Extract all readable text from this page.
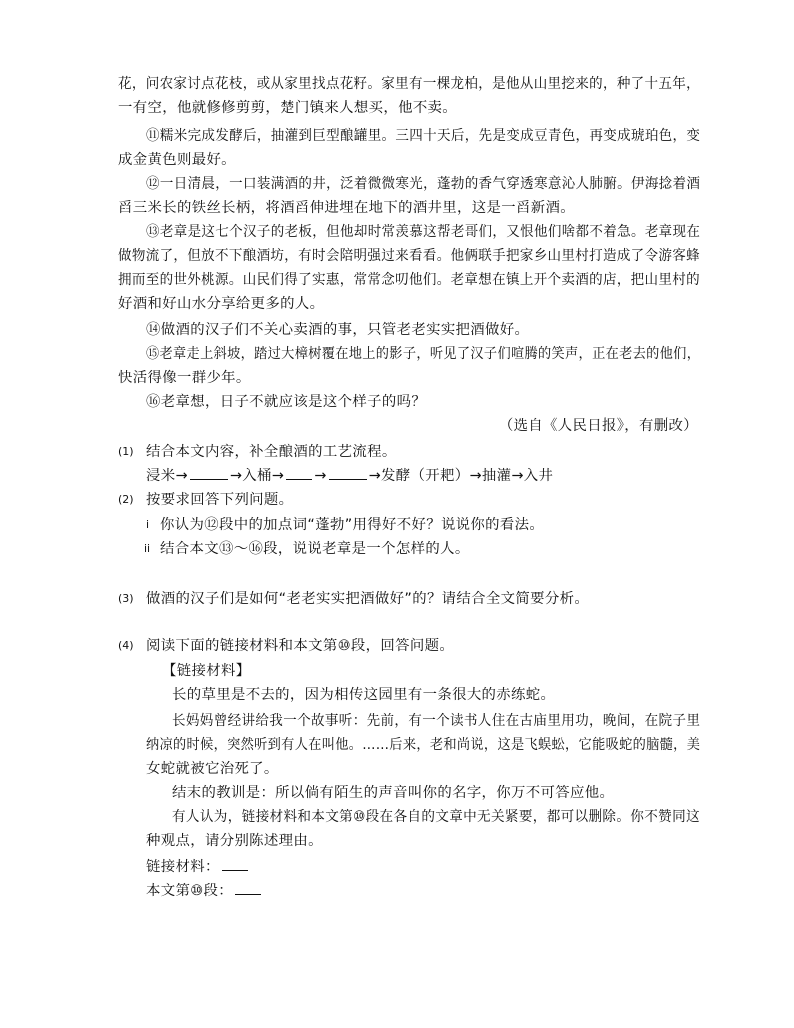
花，问农家讨点花枝，或从家里找点花籽。家里有一棵龙柏，是他从山里挖来的，种了十五年，
一有空，他就修修剪剪，楚门镇来人想买，他不卖。
⑪糯米完成发酵后，抽灌到巨型酿罐里。三四十天后，先是变成豆青色，再变成琥珀色，变
成金黄色则最好。
⑫一日清晨，一口装满酒的井，泛着微微寒光，蓬勃的香气穿透寒意沁人肺腑。伊海捻着酒
舀三米长的铁丝长柄，将酒舀伸进埋在地下的酒井里，这是一舀新酒。
⑬老章是这七个汉子的老板，但他却时常羡慕这帮老哥们，又恨他们啥都不着急。老章现在
做物流了，但放不下酿酒坊，有时会陪明强过来看看。他俩联手把家乡山里村打造成了令游客蜂
拥而至的世外桃源。山民们得了实惠，常常念叨他们。老章想在镇上开个卖酒的店，把山里村的
好酒和好山水分享给更多的人。
⑭做酒的汉子们不关心卖酒的事，只管老老实实把酒做好。
⑮老章走上斜坡，踏过大樟树覆在地上的影子，听见了汉子们喧腾的笑声，正在老去的他们，
快活得像一群少年。
⑯老章想，日子不就应该是这个样子的吗？
（选自《人民日报》，有删改）
(1) 结合本文内容，补全酿酒的工艺流程。
浸米→	→入桶→ →	→发酵（开耙）→抽灌→入井
(2) 按要求回答下列问题。
i 你认为⑫段中的加点词“蓬勃”用得好不好？说说你的看法。
ii 结合本文⑬～⑯段，说说老章是一个怎样的人。
(3) 做酒的汉子们是如何“老老实实把酒做好”的？请结合全文简要分析。
(4) 阅读下面的链接材料和本文第⑩段，回答问题。
【链接材料】
长的草里是不去的，因为相传这园里有一条很大的赤练蛇。
长妈妈曾经讲给我一个故事听：先前，有一个读书人住在古庙里用功，晚间，在院子里
纳凉的时候，突然听到有人在叫他。……后来，老和尚说，这是飞蜈蚣，它能吸蛇的脑髓，美
女蛇就被它治死了。
结末的教训是：所以倘有陌生的声音叫你的名字，你万不可答应他。
有人认为，链接材料和本文第⑩段在各自的文章中无关紧要，都可以删除。你不赞同这
种观点，请分别陈述理由。
链接材料：
本文第⑩段：
